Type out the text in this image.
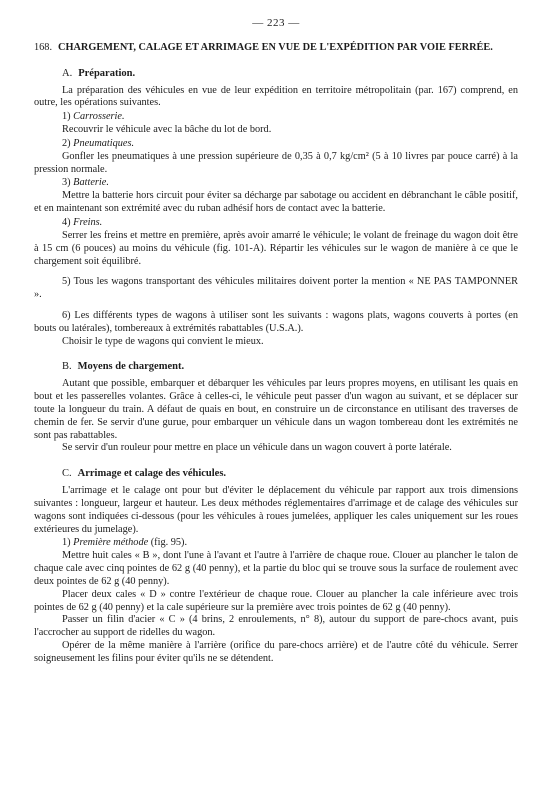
— 223 —
168. CHARGEMENT, CALAGE ET ARRIMAGE EN VUE DE L'EXPÉDITION PAR VOIE FERRÉE.
A. Préparation.

La préparation des véhicules en vue de leur expédition en territoire métropolitain (par. 167) comprend, en outre, les opérations suivantes.

1) Carrosserie.

Recouvrir le véhicule avec la bâche du lot de bord.

2) Pneumatiques.

Gonfler les pneumatiques à une pression supérieure de 0,35 à 0,7 kg/cm² (5 à 10 livres par pouce carré) à la pression normale.

3) Batterie.

Mettre la batterie hors circuit pour éviter sa décharge par sabotage ou accident en débranchant le câble positif, et en maintenant son extrémité avec du ruban adhésif hors de contact avec la batterie.

4) Freins.

Serrer les freins et mettre en première, après avoir amarré le véhicule; le volant de freinage du wagon doit être à 15 cm (6 pouces) au moins du véhicule (fig. 101-A). Répartir les véhicules sur le wagon de manière à ce que le chargement soit équilibré.

5) Tous les wagons transportant des véhicules militaires doivent porter la mention « NE PAS TAMPONNER ».

6) Les différents types de wagons à utiliser sont les suivants : wagons plats, wagons couverts à portes (en bouts ou latérales), tombereaux à extrémités rabattables (U.S.A.).

Choisir le type de wagons qui convient le mieux.

B. Moyens de chargement.

Autant que possible, embarquer et débarquer les véhicules par leurs propres moyens, en utilisant les quais en bout et les passerelles volantes. Grâce à celles-ci, le véhicule peut passer d'un wagon au suivant, et se déplacer sur toute la longueur du train. A défaut de quais en bout, en construire un de circonstance en utilisant des traverses de chemin de fer. Se servir d'une gurue, pour embarquer un véhicule dans un wagon tombereau dont les extrémités ne sont pas rabattables.

Se servir d'un rouleur pour mettre en place un véhicule dans un wagon couvert à porte latérale.

C. Arrimage et calage des véhicules.

L'arrimage et le calage ont pour but d'éviter le déplacement du véhicule par rapport aux trois dimensions suivantes : longueur, largeur et hauteur. Les deux méthodes réglementaires d'arrimage et de calage des véhicules sur wagons sont indiquées ci-dessous (pour les véhicules à roues jumelées, appliquer les cales uniquement sur les roues extérieures du jumelage).

1) Première méthode (fig. 95).

Mettre huit cales « B », dont l'une à l'avant et l'autre à l'arrière de chaque roue. Clouer au plancher le talon de chaque cale avec cinq pointes de 62 g (40 penny), et la partie du bloc qui se trouve sous la surface de roulement avec deux pointes de 62 g (40 penny).

Placer deux cales « D » contre l'extérieur de chaque roue. Clouer au plancher la cale inférieure avec trois pointes de 62 g (40 penny) et la cale supérieure sur la première avec trois pointes de 62 g (40 penny).

Passer un filin d'acier « C » (4 brins, 2 enroulements, n° 8), autour du support de pare-chocs avant, puis l'accrocher au support de ridelles du wagon.

Opérer de la même manière à l'arrière (orifice du pare-chocs arrière) et de l'autre côté du véhicule. Serrer soigneusement les filins pour éviter qu'ils ne se détendent.
